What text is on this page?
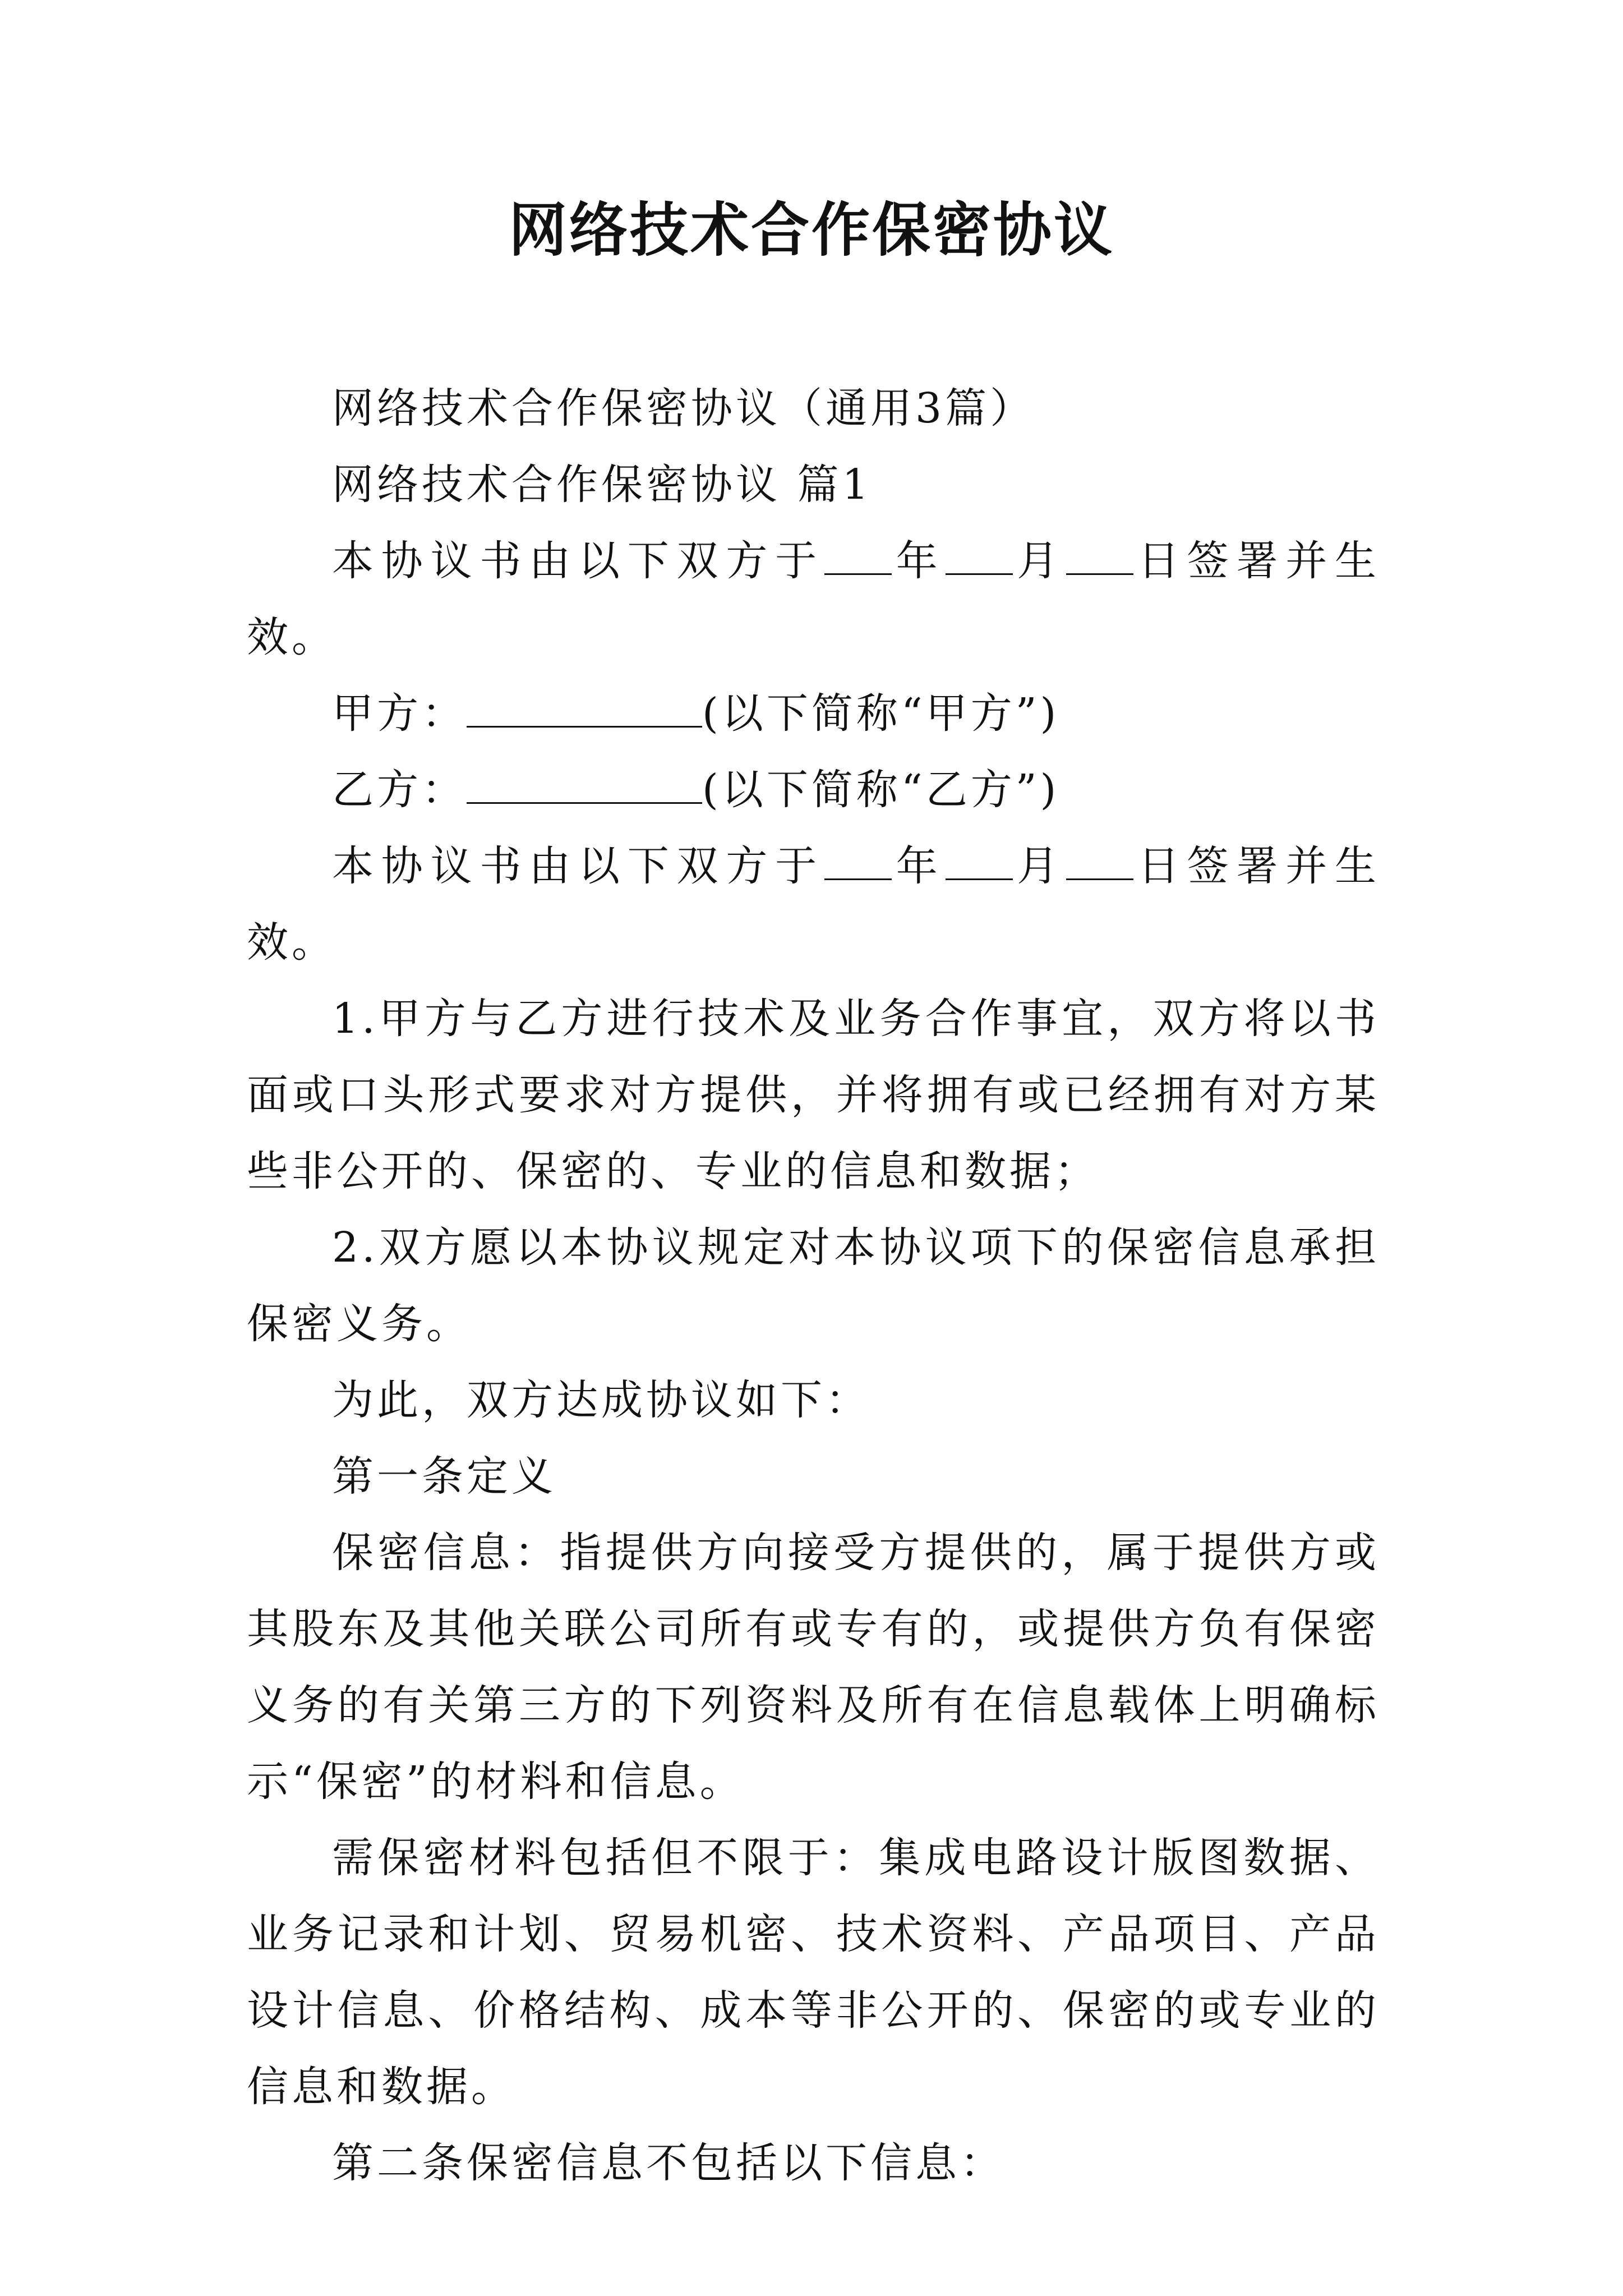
网络技术合作保密协议

网络技术合作保密协议（通用3篇）

网络技术合作保密协议 篇1

本协议书由以下双方于 年 月 日签署并生效。

甲方：	(以下简称“甲方”)

乙方：	(以下简称“乙方”)

本协议书由以下双方于 年 月 日签署并生效。

1.甲方与乙方进行技术及业务合作事宜，双方将以书面或口头形式要求对方提供，并将拥有或已经拥有对方某些非公开的、保密的、专业的信息和数据；

2.双方愿以本协议规定对本协议项下的保密信息承担保密义务。

为此，双方达成协议如下：

第一条定义

保密信息：指提供方向接受方提供的，属于提供方或其股东及其他关联公司所有或专有的，或提供方负有保密义务的有关第三方的下列资料及所有在信息载体上明确标示“保密”的材料和信息。

需保密材料包括但不限于：集成电路设计版图数据、业务记录和计划、贸易机密、技术资料、产品项目、产品设计信息、价格结构、成本等非公开的、保密的或专业的信息和数据。

第二条保密信息不包括以下信息：
